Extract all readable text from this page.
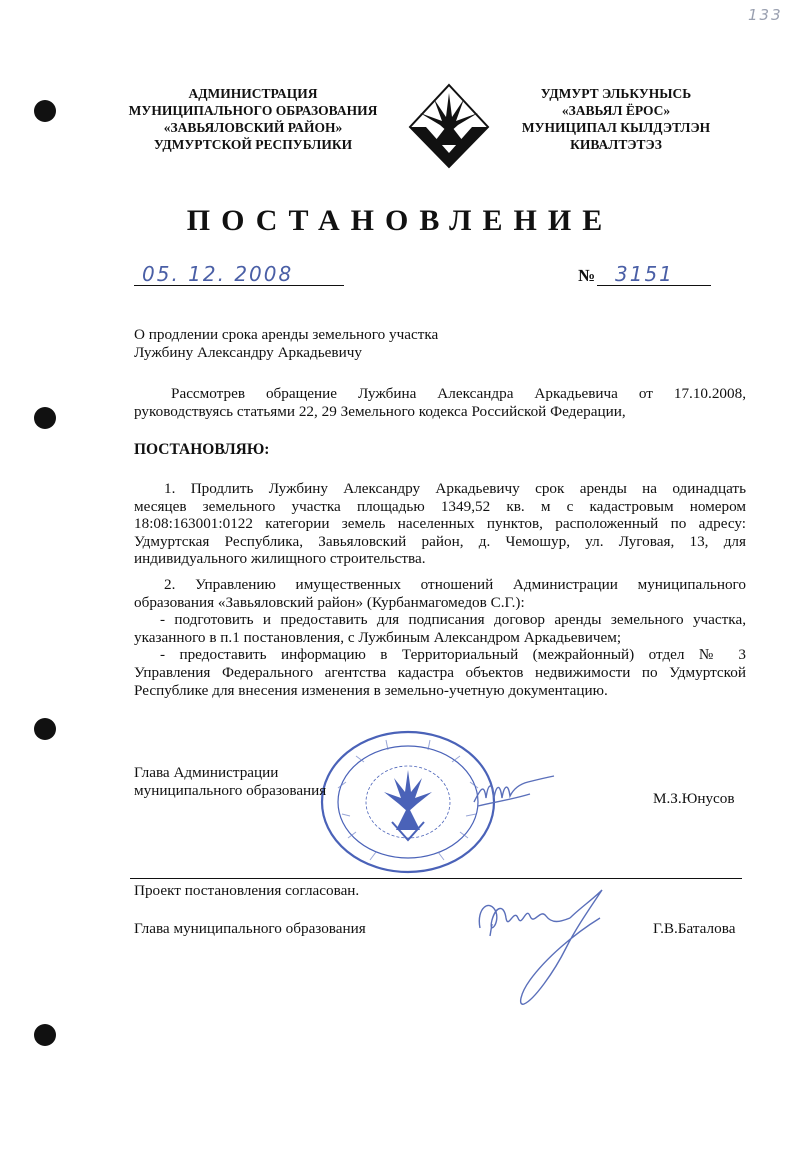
133
АДМИНИСТРАЦИЯ
МУНИЦИПАЛЬНОГО ОБРАЗОВАНИЯ
«ЗАВЬЯЛОВСКИЙ РАЙОН»
УДМУРТСКОЙ РЕСПУБЛИКИ
УДМУРТ ЭЛЬКУНЫСЬ
«ЗАВЬЯЛ ЁРОС»
МУНИЦИПАЛ КЫЛДЭТЛЭН
КИВАЛТЭТЭЗ
ПОСТАНОВЛЕНИЕ
05. 12. 2008	№ 3151
О продлении срока аренды земельного участка
Лужбину Александру Аркадьевичу
Рассмотрев обращение Лужбина Александра Аркадьевича от 17.10.2008,
руководствуясь статьями 22, 29 Земельного кодекса Российской Федерации,
ПОСТАНОВЛЯЮ:
1. Продлить Лужбину Александру Аркадьевичу срок аренды на одинадцать
месяцев земельного участка площадью 1349,52 кв. м с кадастровым номером
18:08:163001:0122 категории земель населенных пунктов, расположенный по адресу:
Удмуртская Республика, Завьяловский район, д. Чемошур, ул. Луговая, 13, для
индивидуального жилищного строительства.
2. Управлению имущественных отношений Администрации муниципального
образования «Завьяловский район» (Курбанмагомедов С.Г.):
- подготовить и предоставить для подписания договор аренды земельного участка,
указанного в п.1 постановления, с Лужбиным Александром Аркадьевичем;
- предоставить информацию в Территориальный (межрайонный) отдел № 3
Управления Федерального агентства кадастра объектов недвижимости по Удмуртской
Республике для внесения изменения в земельно-учетную документацию.
Глава Администрации
муниципального образования	М.З.Юнусов
Проект постановления согласован.
Глава муниципального образования	Г.В.Баталова
